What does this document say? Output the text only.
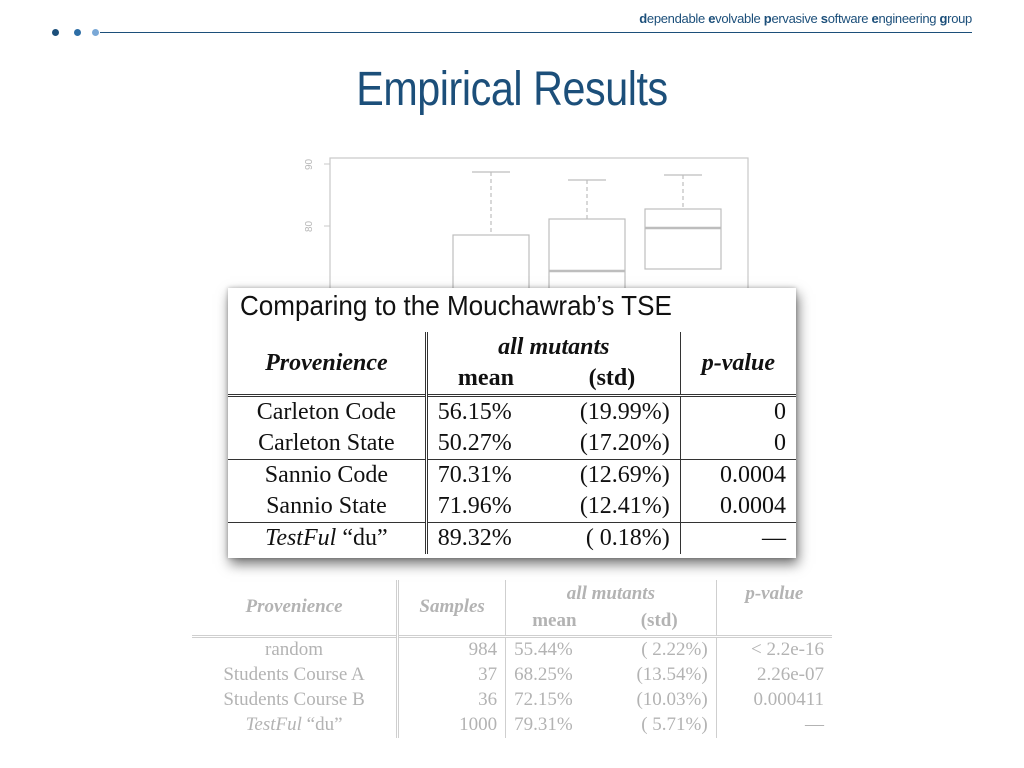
dependable evolvable pervasive software engineering group
Empirical Results
90
80
Provenience	Samples	all mutants		p-value
		mean	(std)	
random	984	55.44%	( 2.22%)	< 2.2e-16
Students Course A	37	68.25%	(13.54%)	2.26e-07
Students Course B	36	72.15%	(10.03%)	0.000411
TestFul “du”	1000	79.31%	( 5.71%)	—
Comparing to the Mouchawrab’s TSE
Provenience	all mutants		p-value
	mean	(std)	
Carleton Code	56.15%	(19.99%)	0
Carleton State	50.27%	(17.20%)	0
Sannio Code	70.31%	(12.69%)	0.0004
Sannio State	71.96%	(12.41%)	0.0004
TestFul “du”	89.32%	( 0.18%)	—
